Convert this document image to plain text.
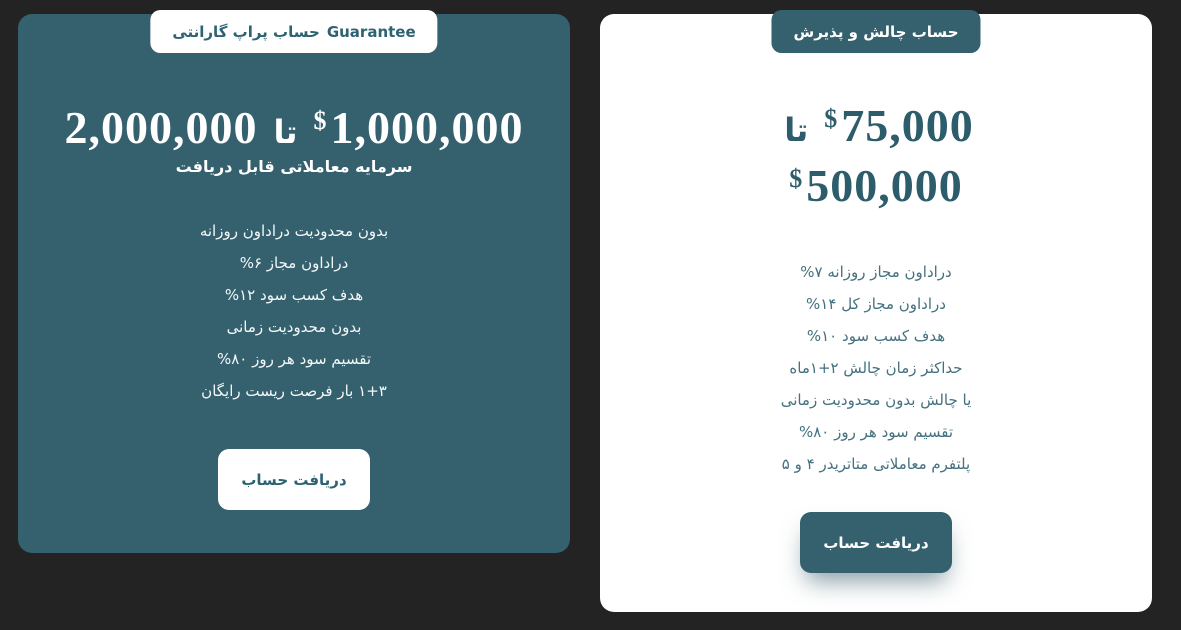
حساب پراپ گارانتی Guarantee
2,000,000 تا $ 1,000,000
سرمایه معاملاتی قابل دریافت
بدون محدودیت دراداون روزانه
دراداون مجاز ۶%
هدف کسب سود ۱۲%
بدون محدودیت زمانی
تقسیم سود هر روز ۸۰%
۱+۳ بار فرصت ریست رایگان
دریافت حساب
حساب چالش و پذیرش
تا $ 75,000
$ 500,000
دراداون مجاز روزانه ۷%
دراداون مجاز کل ۱۴%
هدف کسب سود ۱۰%
حداکثر زمان چالش ۲+۱ماه
یا چالش بدون محدودیت زمانی
تقسیم سود هر روز ۸۰%
پلتفرم معاملاتی متاتریدر ۴ و ۵
دریافت حساب
